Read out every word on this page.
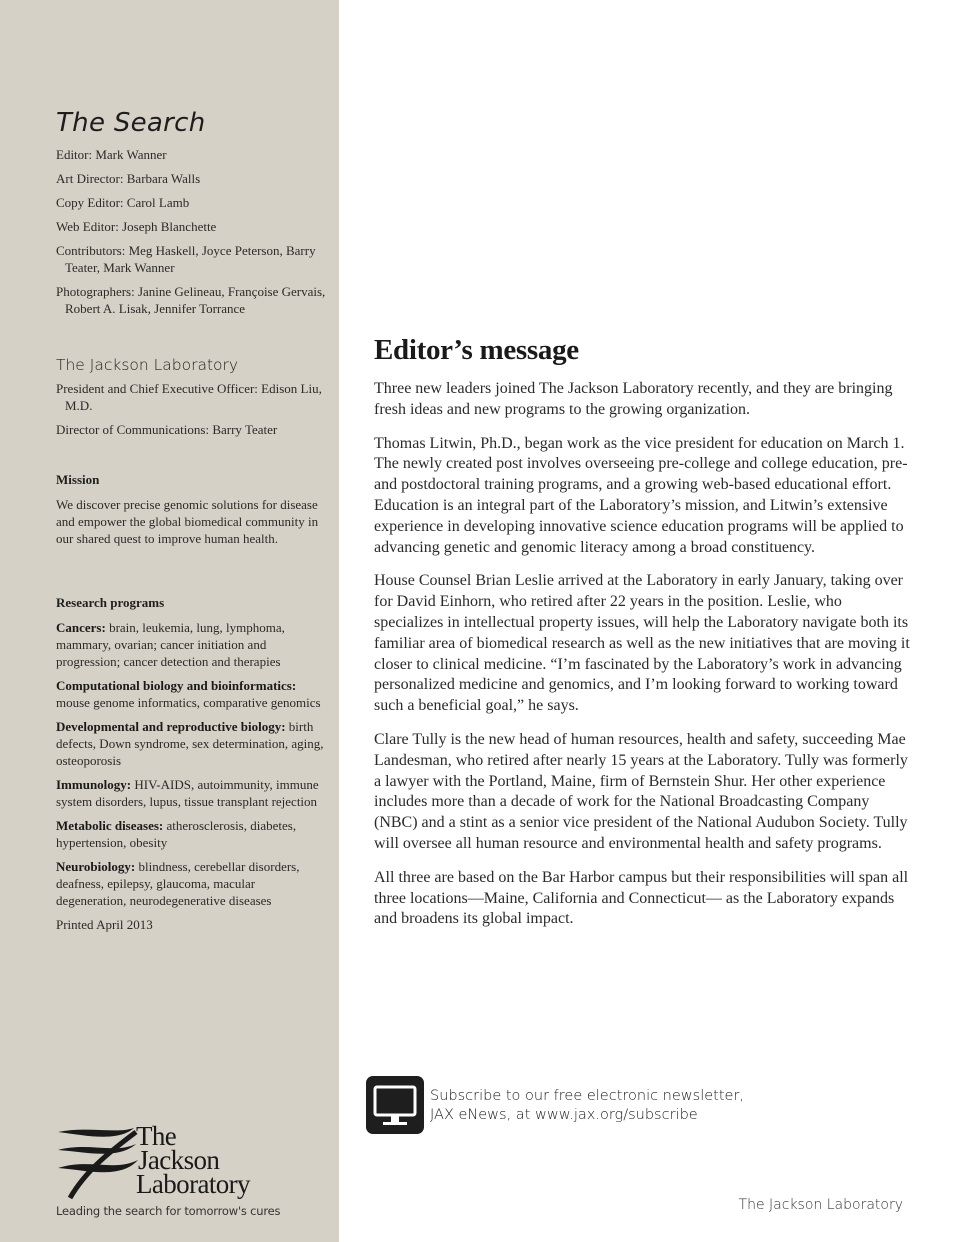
The Search
Editor: Mark Wanner
Art Director: Barbara Walls
Copy Editor: Carol Lamb
Web Editor: Joseph Blanchette
Contributors: Meg Haskell, Joyce Peterson, Barry Teater, Mark Wanner
Photographers: Janine Gelineau, Françoise Gervais, Robert A. Lisak, Jennifer Torrance
The Jackson Laboratory
President and Chief Executive Officer: Edison Liu, M.D.
Director of Communications: Barry Teater
Mission
We discover precise genomic solutions for disease and empower the global biomedical community in our shared quest to improve human health.
Research programs
Cancers: brain, leukemia, lung, lymphoma, mammary, ovarian; cancer initiation and progression; cancer detection and therapies
Computational biology and bioinformatics: mouse genome informatics, comparative genomics
Developmental and reproductive biology: birth defects, Down syndrome, sex determination, aging, osteoporosis
Immunology: HIV-AIDS, autoimmunity, immune system disorders, lupus, tissue transplant rejection
Metabolic diseases: atherosclerosis, diabetes, hypertension, obesity
Neurobiology: blindness, cerebellar disorders, deafness, epilepsy, glaucoma, macular degeneration, neurodegenerative diseases
Printed April 2013
The
Jackson
Laboratory
Leading the search for tomorrow's cures
Editor’s message

Three new leaders joined The Jackson Laboratory recently, and they are bringing fresh ideas and new programs to the growing organization.

Thomas Litwin, Ph.D., began work as the vice president for education on March 1. The newly created post involves overseeing pre-college and college education, pre- and postdoctoral training programs, and a growing web-based educational effort. Education is an integral part of the Laboratory’s mission, and Litwin’s extensive experience in developing innovative science education programs will be applied to advancing genetic and genomic literacy among a broad constituency.

House Counsel Brian Leslie arrived at the Laboratory in early January, taking over for David Einhorn, who retired after 22 years in the position. Leslie, who specializes in intellectual property issues, will help the Laboratory navigate both its familiar area of biomedical research as well as the new initiatives that are moving it closer to clinical medicine. “I’m fascinated by the Laboratory’s work in advancing personalized medicine and genomics, and I’m looking forward to working toward such a beneficial goal,” he says.

Clare Tully is the new head of human resources, health and safety, succeeding Mae Landesman, who retired after nearly 15 years at the Laboratory. Tully was formerly a lawyer with the Portland, Maine, firm of Bernstein Shur. Her other experience includes more than a decade of work for the National Broadcasting Company (NBC) and a stint as a senior vice president of the National Audubon Society. Tully will oversee all human resource and environmental health and safety programs.

All three are based on the Bar Harbor campus but their responsibilities will span all three locations—Maine, California and Connecticut— as the Laboratory expands and broadens its global impact.

Subscribe to our free electronic newsletter,
JAX eNews, at www.jax.org/subscribe
The Jackson Laboratory
